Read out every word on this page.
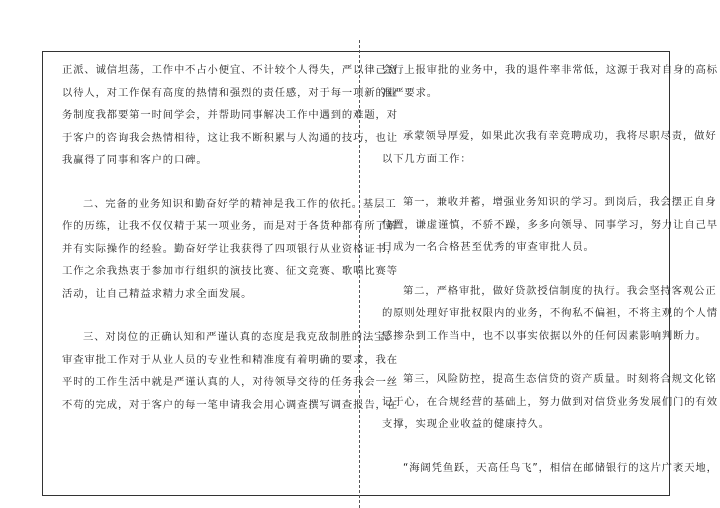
正派、诚信坦荡，工作中不占小便宜、不计较个人得失，严以律己宽
以待人，对工作保有高度的热情和强烈的责任感，对于每一项新的业
务制度我都要第一时间学会，并帮助同事解决工作中遇到的难题，对
于客户的咨询我会热情相待，这让我不断积累与人沟通的技巧，也让
我赢得了同事和客户的口碑。
二、完备的业务知识和勤奋好学的精神是我工作的依托。基层工
作的历练，让我不仅仅精于某一项业务，而是对于各货种都有所了解
并有实际操作的经验。勤奋好学让我获得了四项银行从业资格证书，
工作之余我热衷于参加市行组织的演技比赛、征文竞赛、歌唱比赛等
活动，让自己精益求精力求全面发展。
三、对岗位的正确认知和严谨认真的态度是我克敌制胜的法宝。
审查审批工作对于从业人员的专业性和精准度有着明确的要求，我在
平时的工作生活中就是严谨认真的人，对待领导交待的任务我会一丝
不苟的完成，对于客户的每一笔申请我会用心调查撰写调查报告，在
会行上报审批的业务中，我的退件率非常低，这源于我对自身的高标
准严要求。
承蒙领导厚爱，如果此次我有幸竞聘成功，我将尽职尽责，做好
以下几方面工作：
第一，兼收并蓄，增强业务知识的学习。到岗后，我会摆正自身
位置，谦虚谨慎，不骄不躁，多多向领导、同事学习，努力让自己早
日成为一名合格甚至优秀的审查审批人员。
第二，严格审批，做好贷款授信制度的执行。我会坚持客观公正
的原则处理好审批权限内的业务，不徇私不偏袒，不将主观的个人情
感掺杂到工作当中，也不以事实依据以外的任何因素影响判断力。
第三，风险防控，提高生态信贷的资产质量。时刻将合规文化铭
记于心，在合规经营的基础上，努力做到对信贷业务发展们门的有效
支撑，实现企业收益的健康持久。
“海阔凭鱼跃，天高任鸟飞”，相信在邮储银行的这片广袤天地，
